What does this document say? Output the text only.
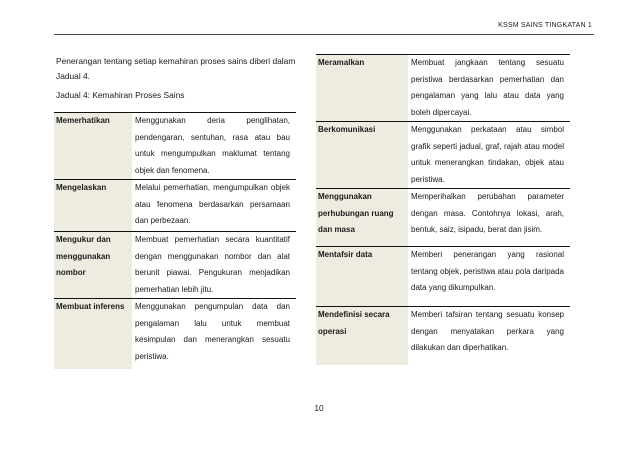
KSSM SAINS TINGKATAN 1

Penerangan tentang setiap kemahiran proses sains diberi dalam Jadual 4.

Jadual 4: Kemahiran Proses Sains
Memerhatikan	Menggunakan deria penglihatan, pendengaran, sentuhan, rasa atau bau untuk mengumpulkan maklumat tentang objek dan fenomena.
Mengelaskan	Melalui pemerhatian, mengumpulkan objek atau fenomena berdasarkan persamaan dan perbezaan.
Mengukur dan menggunakan nombor	Membuat pemerhatian secara kuantitatif dengan menggunakan nombor dan alat berunit piawai. Pengukuran menjadikan pemerhatian lebih jitu.
Membuat inferens	Menggunakan pengumpulan data dan pengalaman lalu untuk membuat kesimpulan dan menerangkan sesuatu peristiwa.
Meramalkan	Membuat jangkaan tentang sesuatu peristiwa berdasarkan pemerhatian dan pengalaman yang lalu atau data yang boleh dipercayai.
Berkomunikasi	Menggunakan perkataan atau simbol grafik seperti jadual, graf, rajah atau model untuk menerangkan tindakan, objek atau peristiwa.
Menggunakan perhubungan ruang dan masa	Memperihalkan perubahan parameter dengan masa. Contohnya lokasi, arah, bentuk, saiz, isipadu, berat dan jisim.
Mentafsir data	Memberi penerangan yang rasional tentang objek, peristiwa atau pola daripada data yang dikumpulkan.
Mendefinisi secara operasi	Memberi tafsiran tentang sesuatu konsep dengan menyatakan perkara yang dilakukan dan diperhatikan.
10
